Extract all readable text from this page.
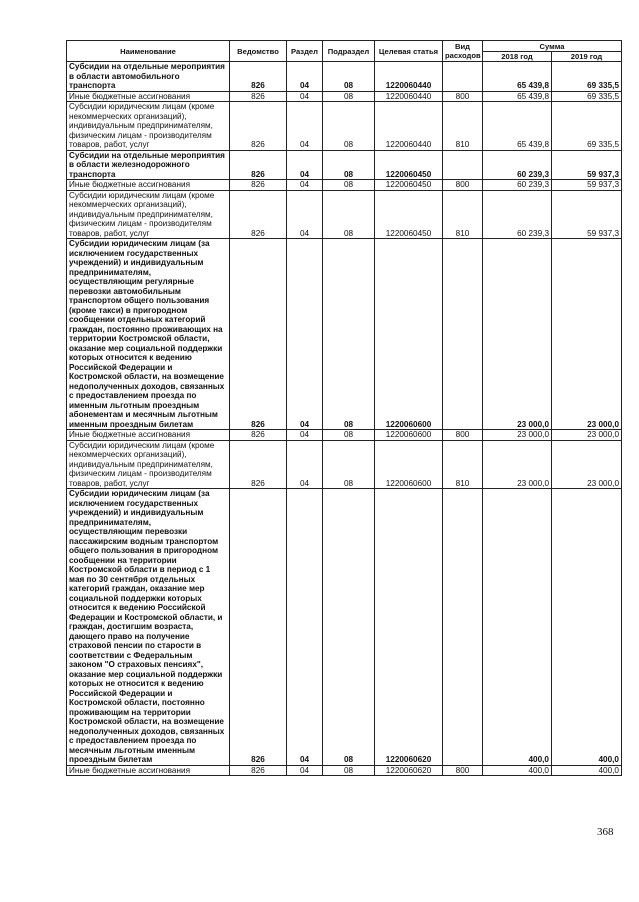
Наименование	Ведомство	Раздел	Подраздел	Целевая статья	Вид расходов	Сумма	
						2018 год	2019 год
Субсидии на отдельные мероприятия в области автомобильного транспорта	826	04	08	1220060440		65 439,8	69 335,5
Иные бюджетные ассигнования	826	04	08	1220060440	800	65 439,8	69 335,5
Субсидии юридическим лицам (кроме некоммерческих организаций), индивидуальным предпринимателям, физическим лицам - производителям товаров, работ, услуг	826	04	08	1220060440	810	65 439,8	69 335,5
Субсидии на отдельные мероприятия в области железнодорожного транспорта	826	04	08	1220060450		60 239,3	59 937,3
Иные бюджетные ассигнования	826	04	08	1220060450	800	60 239,3	59 937,3
Субсидии юридическим лицам (кроме некоммерческих организаций), индивидуальным предпринимателям, физическим лицам - производителям товаров, работ, услуг	826	04	08	1220060450	810	60 239,3	59 937,3
Субсидии юридическим лицам (за исключением государственных учреждений) и индивидуальным предпринимателям, осуществляющим регулярные перевозки автомобильным транспортом общего пользования (кроме такси) в пригородном сообщении отдельных категорий граждан, постоянно проживающих на территории Костромской области, оказание мер социальной поддержки которых относится к ведению Российской Федерации и Костромской области, на возмещение недополученных доходов, связанных с предоставлением проезда по именным льготным проездным абонементам и месячным льготным именным проездным билетам	826	04	08	1220060600		23 000,0	23 000,0
Иные бюджетные ассигнования	826	04	08	1220060600	800	23 000,0	23 000,0
Субсидии юридическим лицам (кроме некоммерческих организаций), индивидуальным предпринимателям, физическим лицам - производителям товаров, работ, услуг	826	04	08	1220060600	810	23 000,0	23 000,0
Субсидии юридическим лицам (за исключением государственных учреждений) и индивидуальным предпринимателям, осуществляющим перевозки пассажирским водным транспортом общего пользования в пригородном сообщении на территории Костромской области в период с 1 мая по 30 сентября отдельных категорий граждан, оказание мер социальной поддержки которых относится к ведению Российской Федерации и Костромской области, и граждан, достигшим возраста, дающего право на получение страховой пенсии по старости в соответствии с Федеральным законом "О страховых пенсиях", оказание мер социальной поддержки которых не относится к ведению Российской Федерации и Костромской области, постоянно проживающим на территории Костромской области, на возмещение недополученных доходов, связанных с предоставлением проезда по месячным льготным именным проездным билетам	826	04	08	1220060620		400,0	400,0
Иные бюджетные ассигнования	826	04	08	1220060620	800	400,0	400,0
368
